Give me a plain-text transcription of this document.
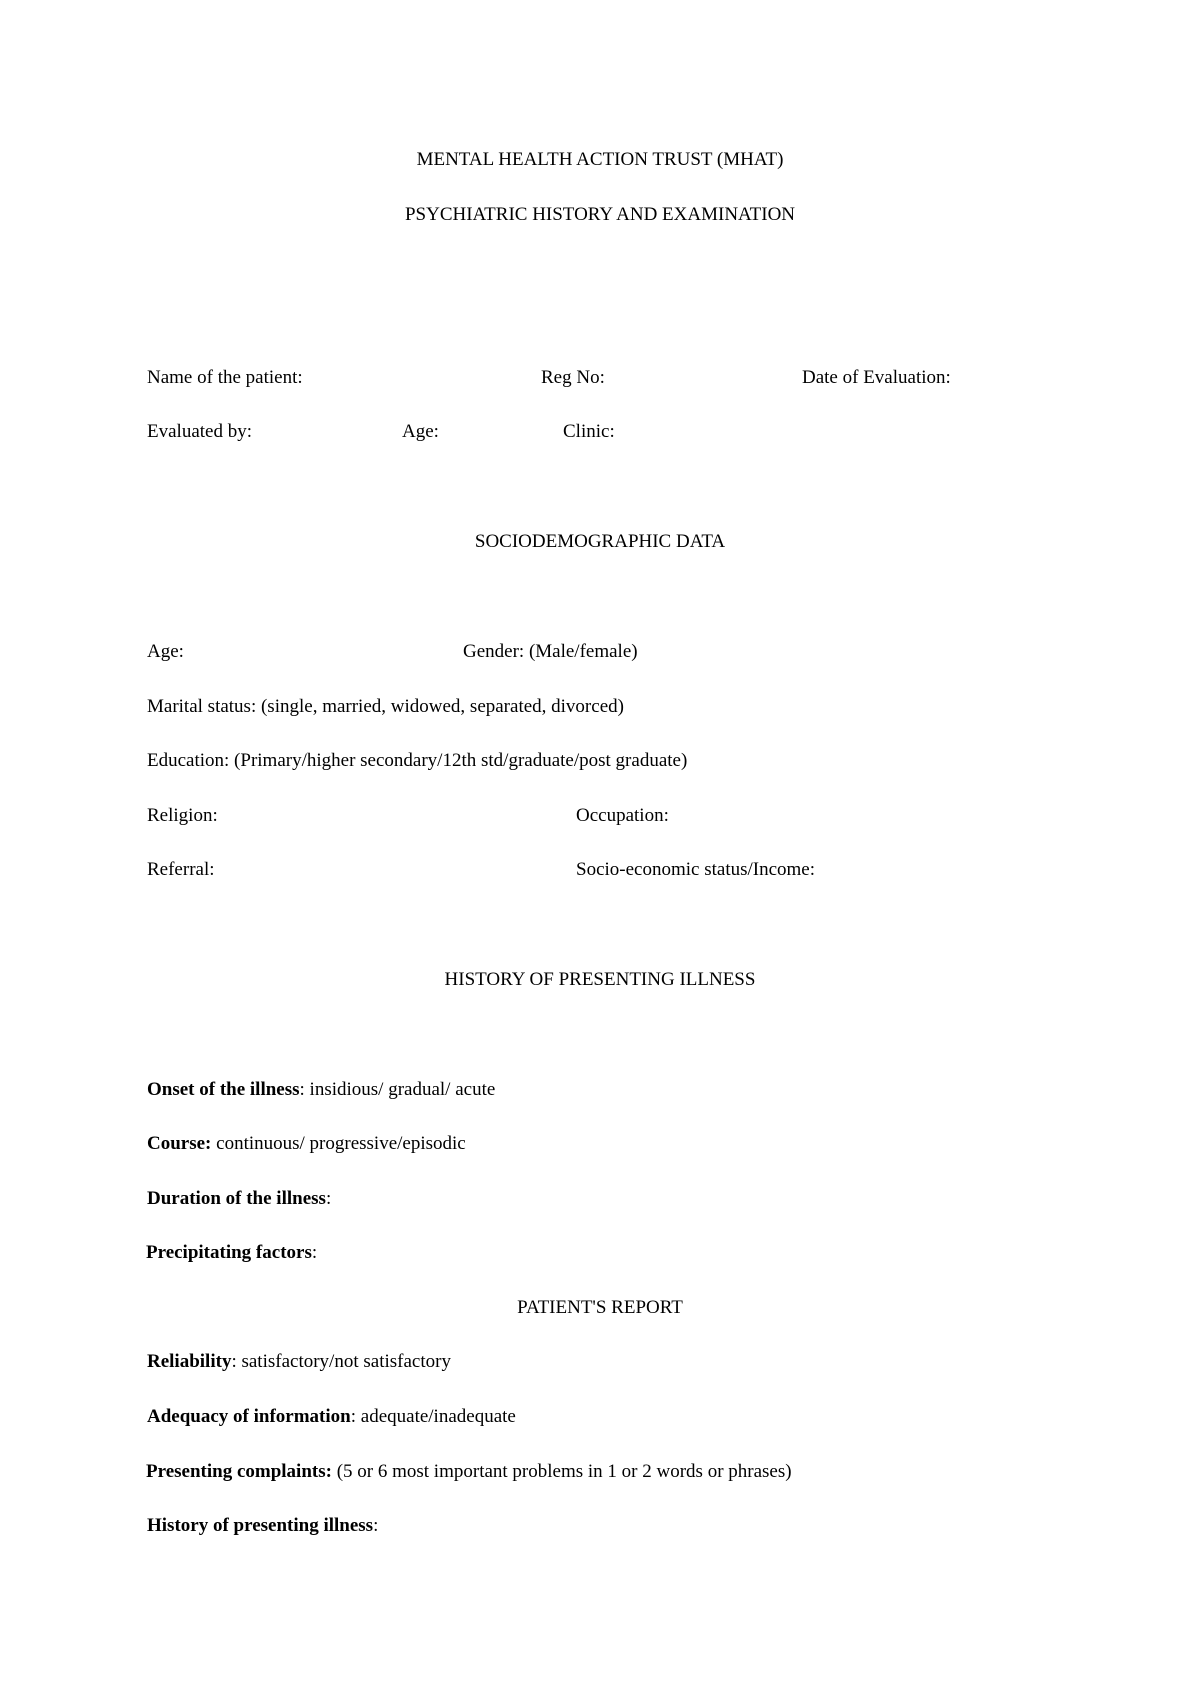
MENTAL HEALTH ACTION TRUST (MHAT)
PSYCHIATRIC HISTORY AND EXAMINATION
Name of the patient:	Reg No:	Date of Evaluation:
Evaluated by:	Age:	Clinic:
SOCIODEMOGRAPHIC DATA
Age:	Gender: (Male/female)
Marital status: (single, married, widowed, separated, divorced)
Education: (Primary/higher secondary/12th std/graduate/post graduate)
Religion:	Occupation:
Referral:	Socio-economic status/Income:
HISTORY OF PRESENTING ILLNESS
Onset of the illness: insidious/ gradual/ acute
Course: continuous/ progressive/episodic
Duration of the illness:
Precipitating factors:
PATIENT'S REPORT
Reliability: satisfactory/not satisfactory
Adequacy of information: adequate/inadequate
Presenting complaints: (5 or 6 most important problems in 1 or 2 words or phrases)
History of presenting illness:
